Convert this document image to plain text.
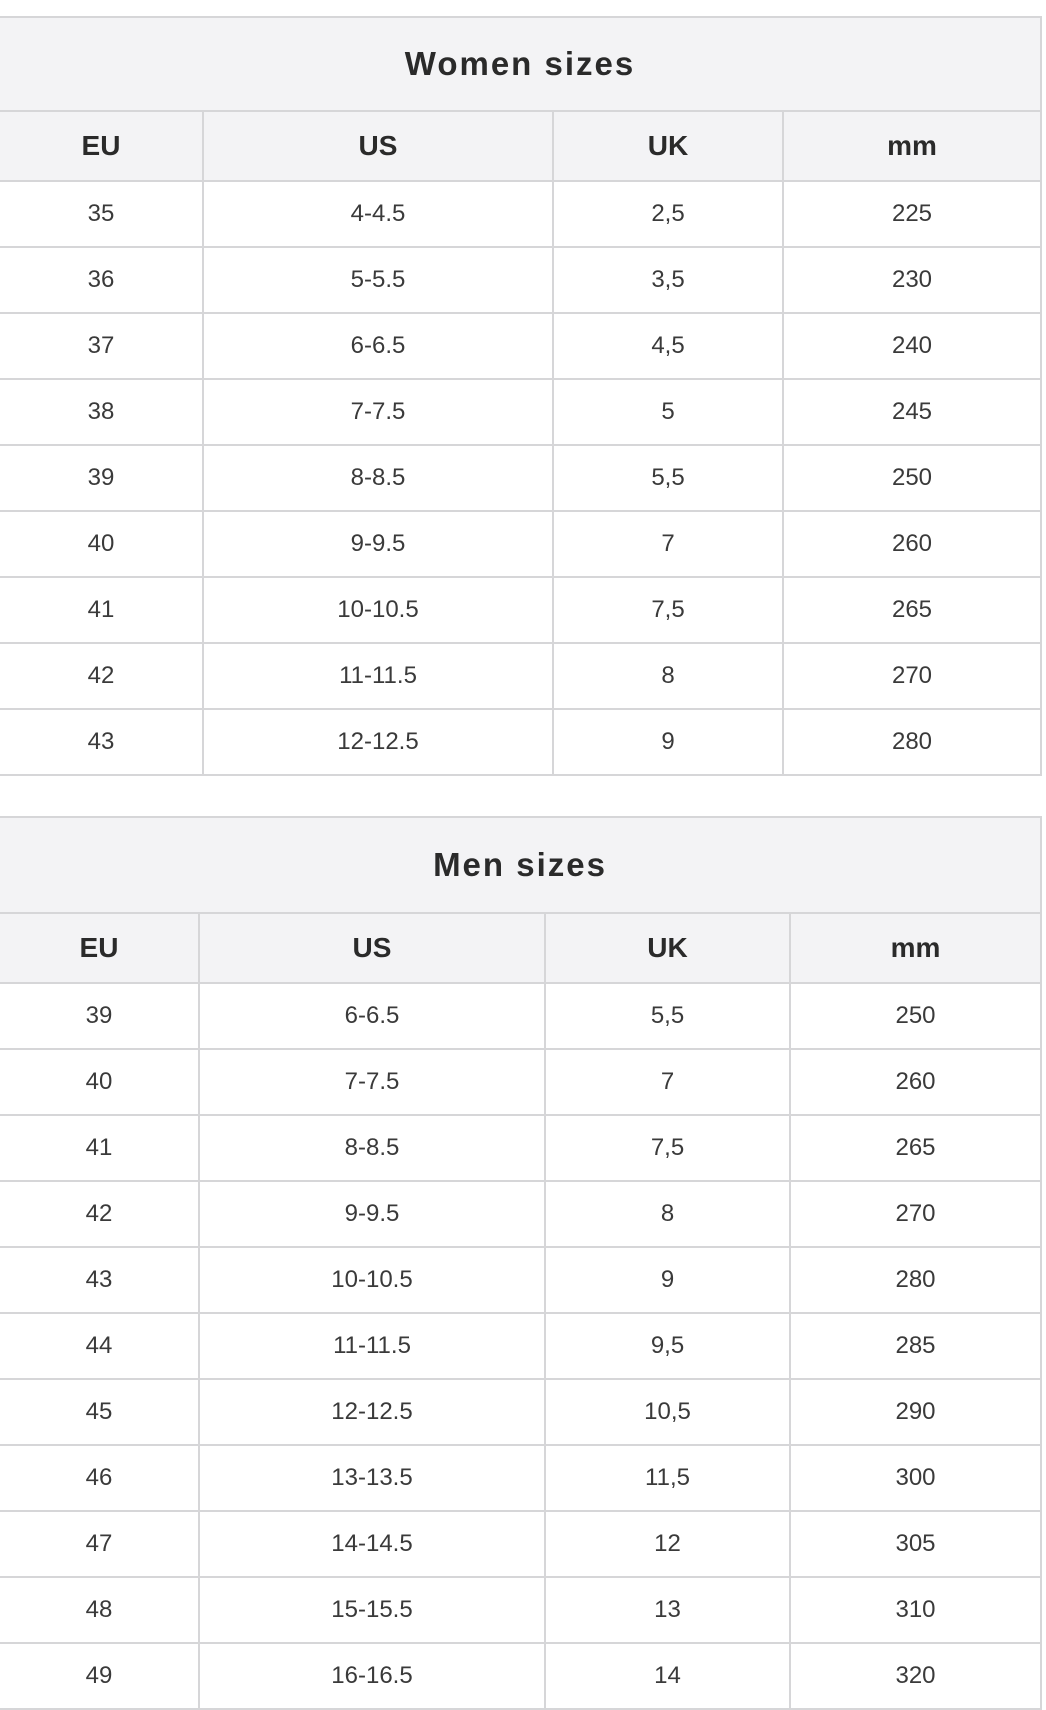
Women sizes			
EU	US	UK	mm
35	4-4.5	2,5	225
36	5-5.5	3,5	230
37	6-6.5	4,5	240
38	7-7.5	5	245
39	8-8.5	5,5	250
40	9-9.5	7	260
41	10-10.5	7,5	265
42	11-11.5	8	270
43	12-12.5	9	280
Men sizes			
EU	US	UK	mm
39	6-6.5	5,5	250
40	7-7.5	7	260
41	8-8.5	7,5	265
42	9-9.5	8	270
43	10-10.5	9	280
44	11-11.5	9,5	285
45	12-12.5	10,5	290
46	13-13.5	11,5	300
47	14-14.5	12	305
48	15-15.5	13	310
49	16-16.5	14	320
